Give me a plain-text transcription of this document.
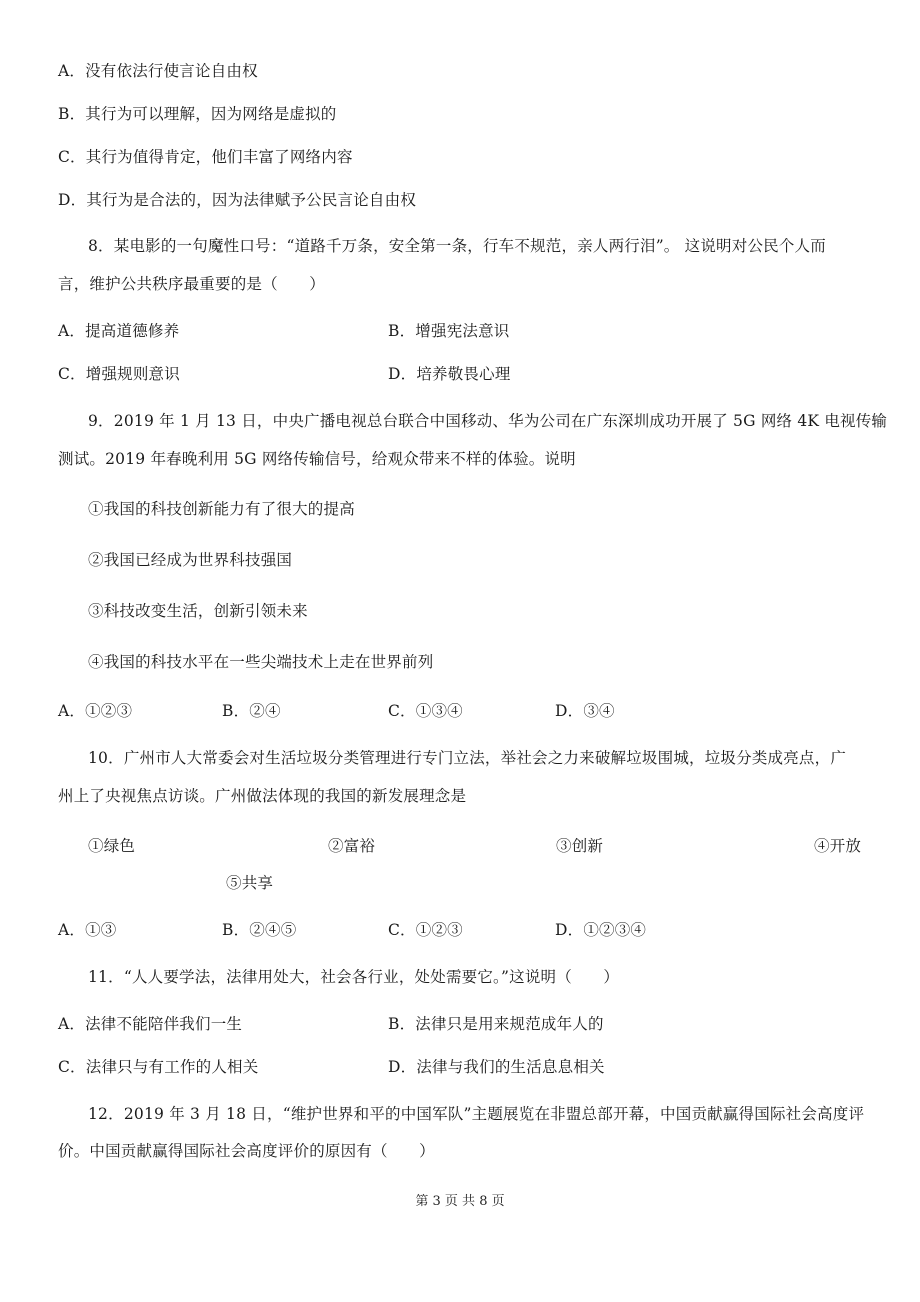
A．没有依法行使言论自由权
B．其行为可以理解，因为网络是虚拟的
C．其行为值得肯定，他们丰富了网络内容
D．其行为是合法的，因为法律赋予公民言论自由权
8．某电影的一句魔性口号：“道路千万条，安全第一条，行车不规范，亲人两行泪”。 这说明对公民个人而
言，维护公共秩序最重要的是（　　）
A．提高道德修养	B．增强宪法意识
C．增强规则意识	D．培养敬畏心理
9．2019 年 1 月 13 日，中央广播电视总台联合中国移动、华为公司在广东深圳成功开展了 5G 网络 4K 电视传输
测试。2019 年春晚利用 5G 网络传输信号，给观众带来不样的体验。说明
①我国的科技创新能力有了很大的提高
②我国已经成为世界科技强国
③科技改变生活，创新引领未来
④我国的科技水平在一些尖端技术上走在世界前列
A．①②③	B．②④	C．①③④	D．③④
10．广州市人大常委会对生活垃圾分类管理进行专门立法，举社会之力来破解垃圾围城，垃圾分类成亮点，广
州上了央视焦点访谈。广州做法体现的我国的新发展理念是
①绿色	②富裕	③创新	④开放
⑤共享
A．①③	B．②④⑤	C．①②③	D．①②③④
11．“人人要学法，法律用处大，社会各行业，处处需要它。”这说明（　　）
A．法律不能陪伴我们一生	B．法律只是用来规范成年人的
C．法律只与有工作的人相关	D．法律与我们的生活息息相关
12．2019 年 3 月 18 日，“维护世界和平的中国军队”主题展览在非盟总部开幕，中国贡献赢得国际社会高度评
价。中国贡献赢得国际社会高度评价的原因有（　　）
第 3 页 共 8 页
